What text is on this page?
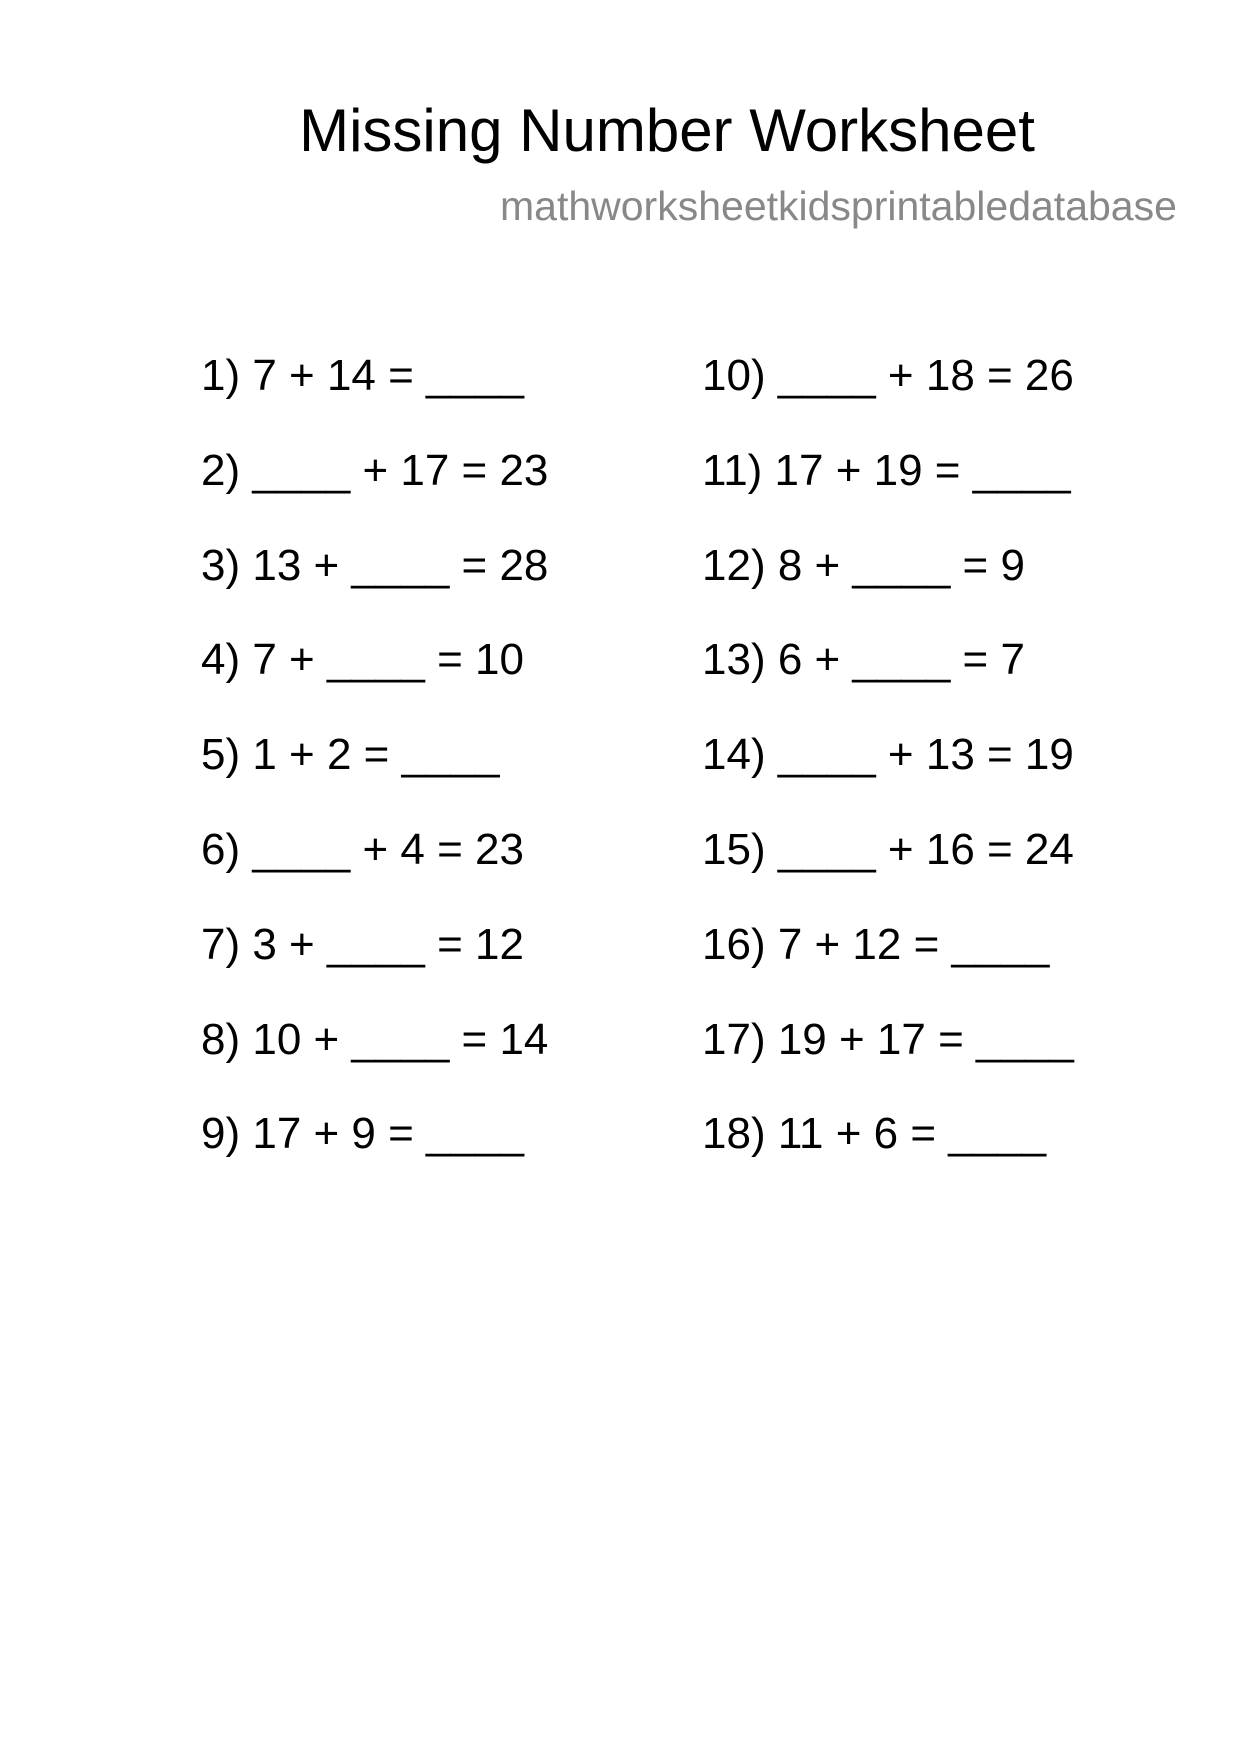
Missing Number Worksheet
mathworksheetkidsprintabledatabase
1) 7 + 14 = ____
2) ____ + 17 = 23
3) 13 + ____ = 28
4) 7 + ____ = 10
5) 1 + 2 = ____
6) ____ + 4 = 23
7) 3 + ____ = 12
8) 10 + ____ = 14
9) 17 + 9 = ____
10) ____ + 18 = 26
11) 17 + 19 = ____
12) 8 + ____ = 9
13) 6 + ____ = 7
14) ____ + 13 = 19
15) ____ + 16 = 24
16) 7 + 12 = ____
17) 19 + 17 = ____
18) 11 + 6 = ____
